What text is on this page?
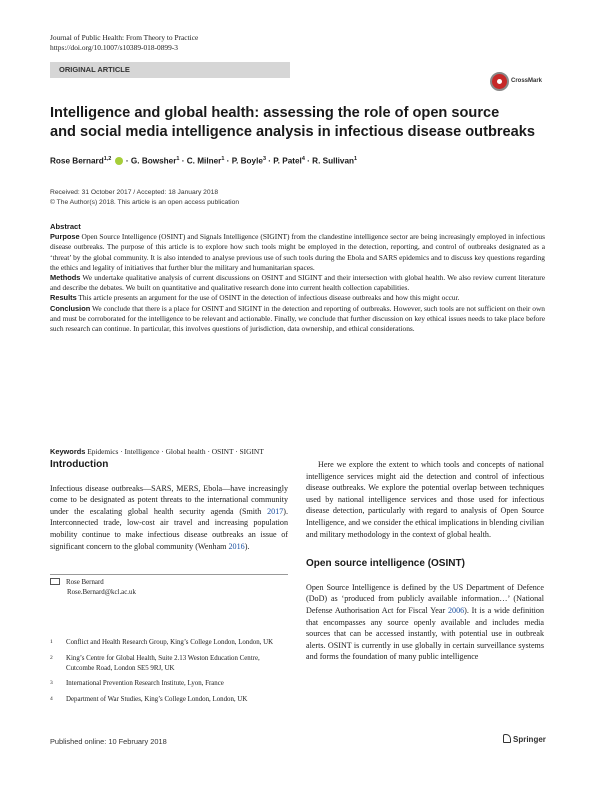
Journal of Public Health: From Theory to Practice
https://doi.org/10.1007/s10389-018-0899-3
ORIGINAL ARTICLE
CrossMark
Intelligence and global health: assessing the role of open source
and social media intelligence analysis in infectious disease outbreaks
Rose Bernard$^{1,2}$  · G. Bowsher$^1$ · C. Milner$^1$ · P. Boyle$^3$ · P. Patel$^4$ · R. Sullivan$^1$
Received: 31 October 2017 / Accepted: 18 January 2018
© The Author(s) 2018. This article is an open access publication
Abstract

Purpose Open Source Intelligence (OSINT) and Signals Intelligence (SIGINT) from the clandestine intelligence sector are being increasingly employed in infectious disease outbreaks. The purpose of this article is to explore how such tools might be employed in the detection, reporting, and control of outbreaks designated as a ‘threat’ by the global community. It is also intended to analyse previous use of such tools during the Ebola and SARS epidemics and to discuss key questions regarding the ethics and legality of initiatives that further blur the military and humanitarian spaces.

Methods We undertake qualitative analysis of current discussions on OSINT and SIGINT and their intersection with global health. We also review current literature and describe the debates. We built on quantitative and qualitative research done into current health collection capabilities.

Results This article presents an argument for the use of OSINT in the detection of infectious disease outbreaks and how this might occur.

Conclusion We conclude that there is a place for OSINT and SIGINT in the detection and reporting of outbreaks. However, such tools are not sufficient on their own and must be corroborated for the intelligence to be relevant and actionable. Finally, we conclude that further discussion on key ethical issues needs to take place before such research can continue. In particular, this involves questions of jurisdiction, data ownership, and ethical considerations.

Keywords Epidemics · Intelligence · Global health · OSINT · SIGINT
Introduction

Infectious disease outbreaks—SARS, MERS, Ebola—have increasingly come to be designated as potent threats to the international community under the escalating global health security agenda (Smith 2017). Interconnected trade, low-cost air travel and increasing population mobility continue to make infectious disease outbreaks an issue of significant concern to the global community (Wenham 2016).

Rose Bernard
Rose.Bernard@kcl.ac.uk
1	Conflict and Health Research Group, King’s College London, London, UK
2	King’s Centre for Global Health, Suite 2.13 Weston Education Centre, Cutcombe Road, London SE5 9RJ, UK
3	International Prevention Research Institute, Lyon, France
4	Department of War Studies, King’s College London, London, UK

Here we explore the extent to which tools and concepts of national intelligence services might aid the detection and control of infectious disease outbreaks. We explore the potential overlap between techniques used by national intelligence services and those used for infectious disease detection, particularly with regard to analysis of Open Source Intelligence, and we consider the ethical implications in blending civilian and military methodology in the context of global health.

Open source intelligence (OSINT)

Open Source Intelligence is defined by the US Department of Defence (DoD) as ‘produced from publicly available information…’ (National Defense Authorisation Act for Fiscal Year 2006). It is a wide definition that encompasses any source openly available and includes media sources that can be accessed instantly, with potential use in outbreak alerts. OSINT is currently in use globally in certain surveillance systems and forms the foundation of many public intelligence

Published online: 10 February 2018	Springer
